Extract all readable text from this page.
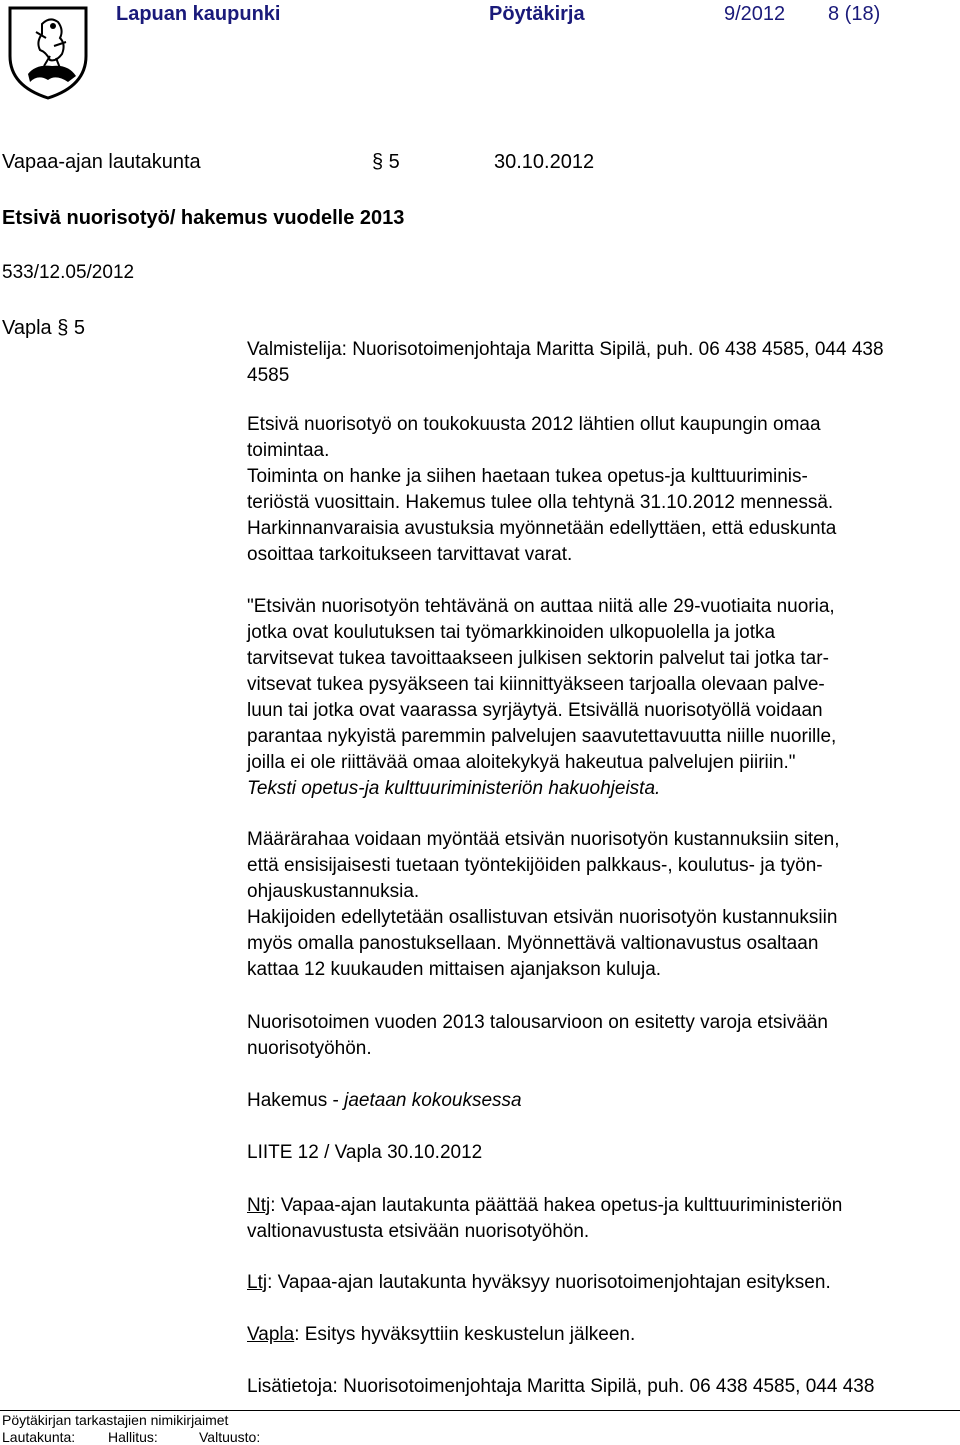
Lapuan kaupunki	Pöytäkirja	9/2012 8 (18)
Vapaa-ajan lautakunta	§ 5	30.10.2012
Etsivä nuorisotyö/ hakemus vuodelle 2013
533/12.05/2012
Vapla § 5

Valmistelija: Nuorisotoimenjohtaja Maritta Sipilä, puh. 06 438 4585, 044 438

4585

Etsivä nuorisotyö on toukokuusta 2012 lähtien ollut kaupungin omaa

toimintaa.

Toiminta on hanke ja siihen haetaan tukea opetus-ja kulttuuriminis-

teriöstä vuosittain. Hakemus tulee olla tehtynä 31.10.2012 mennessä.

Harkinnanvaraisia avustuksia myönnetään edellyttäen, että eduskunta

osoittaa tarkoitukseen tarvittavat varat.

"Etsivän nuorisotyön tehtävänä on auttaa niitä alle 29-vuotiaita nuoria,

jotka ovat koulutuksen tai työmarkkinoiden ulkopuolella ja jotka

tarvitsevat tukea tavoittaakseen julkisen sektorin palvelut tai jotka tar-

vitsevat tukea pysyäkseen tai kiinnittyäkseen tarjoalla olevaan palve-

luun tai jotka ovat vaarassa syrjäytyä. Etsivällä nuorisotyöllä voidaan

parantaa nykyistä paremmin palvelujen saavutettavuutta niille nuorille,

joilla ei ole riittävää omaa aloitekykyä hakeutua palvelujen piiriin."

Teksti opetus-ja kulttuuriministeriön hakuohjeista.

Määrärahaa voidaan myöntää etsivän nuorisotyön kustannuksiin siten,

että ensisijaisesti tuetaan työntekijöiden palkkaus-, koulutus- ja työn-

ohjauskustannuksia.

Hakijoiden edellytetään osallistuvan etsivän nuorisotyön kustannuksiin

myös omalla panostuksellaan. Myönnettävä valtionavustus osaltaan

kattaa 12 kuukauden mittaisen ajanjakson kuluja.

Nuorisotoimen vuoden 2013 talousarvioon on esitetty varoja etsivään

nuorisotyöhön.

Hakemus - jaetaan kokouksessa

LIITE 12 / Vapla 30.10.2012

Ntj: Vapaa-ajan lautakunta päättää hakea opetus-ja kulttuuriministeriön

valtionavustusta etsivään nuorisotyöhön.

Ltj: Vapaa-ajan lautakunta hyväksyy nuorisotoimenjohtajan esityksen.

Vapla: Esitys hyväksyttiin keskustelun jälkeen.

Lisätietoja: Nuorisotoimenjohtaja Maritta Sipilä, puh. 06 438 4585, 044 438

Pöytäkirjan tarkastajien nimikirjaimet
Lautakunta: Hallitus:	Valtuusto:
